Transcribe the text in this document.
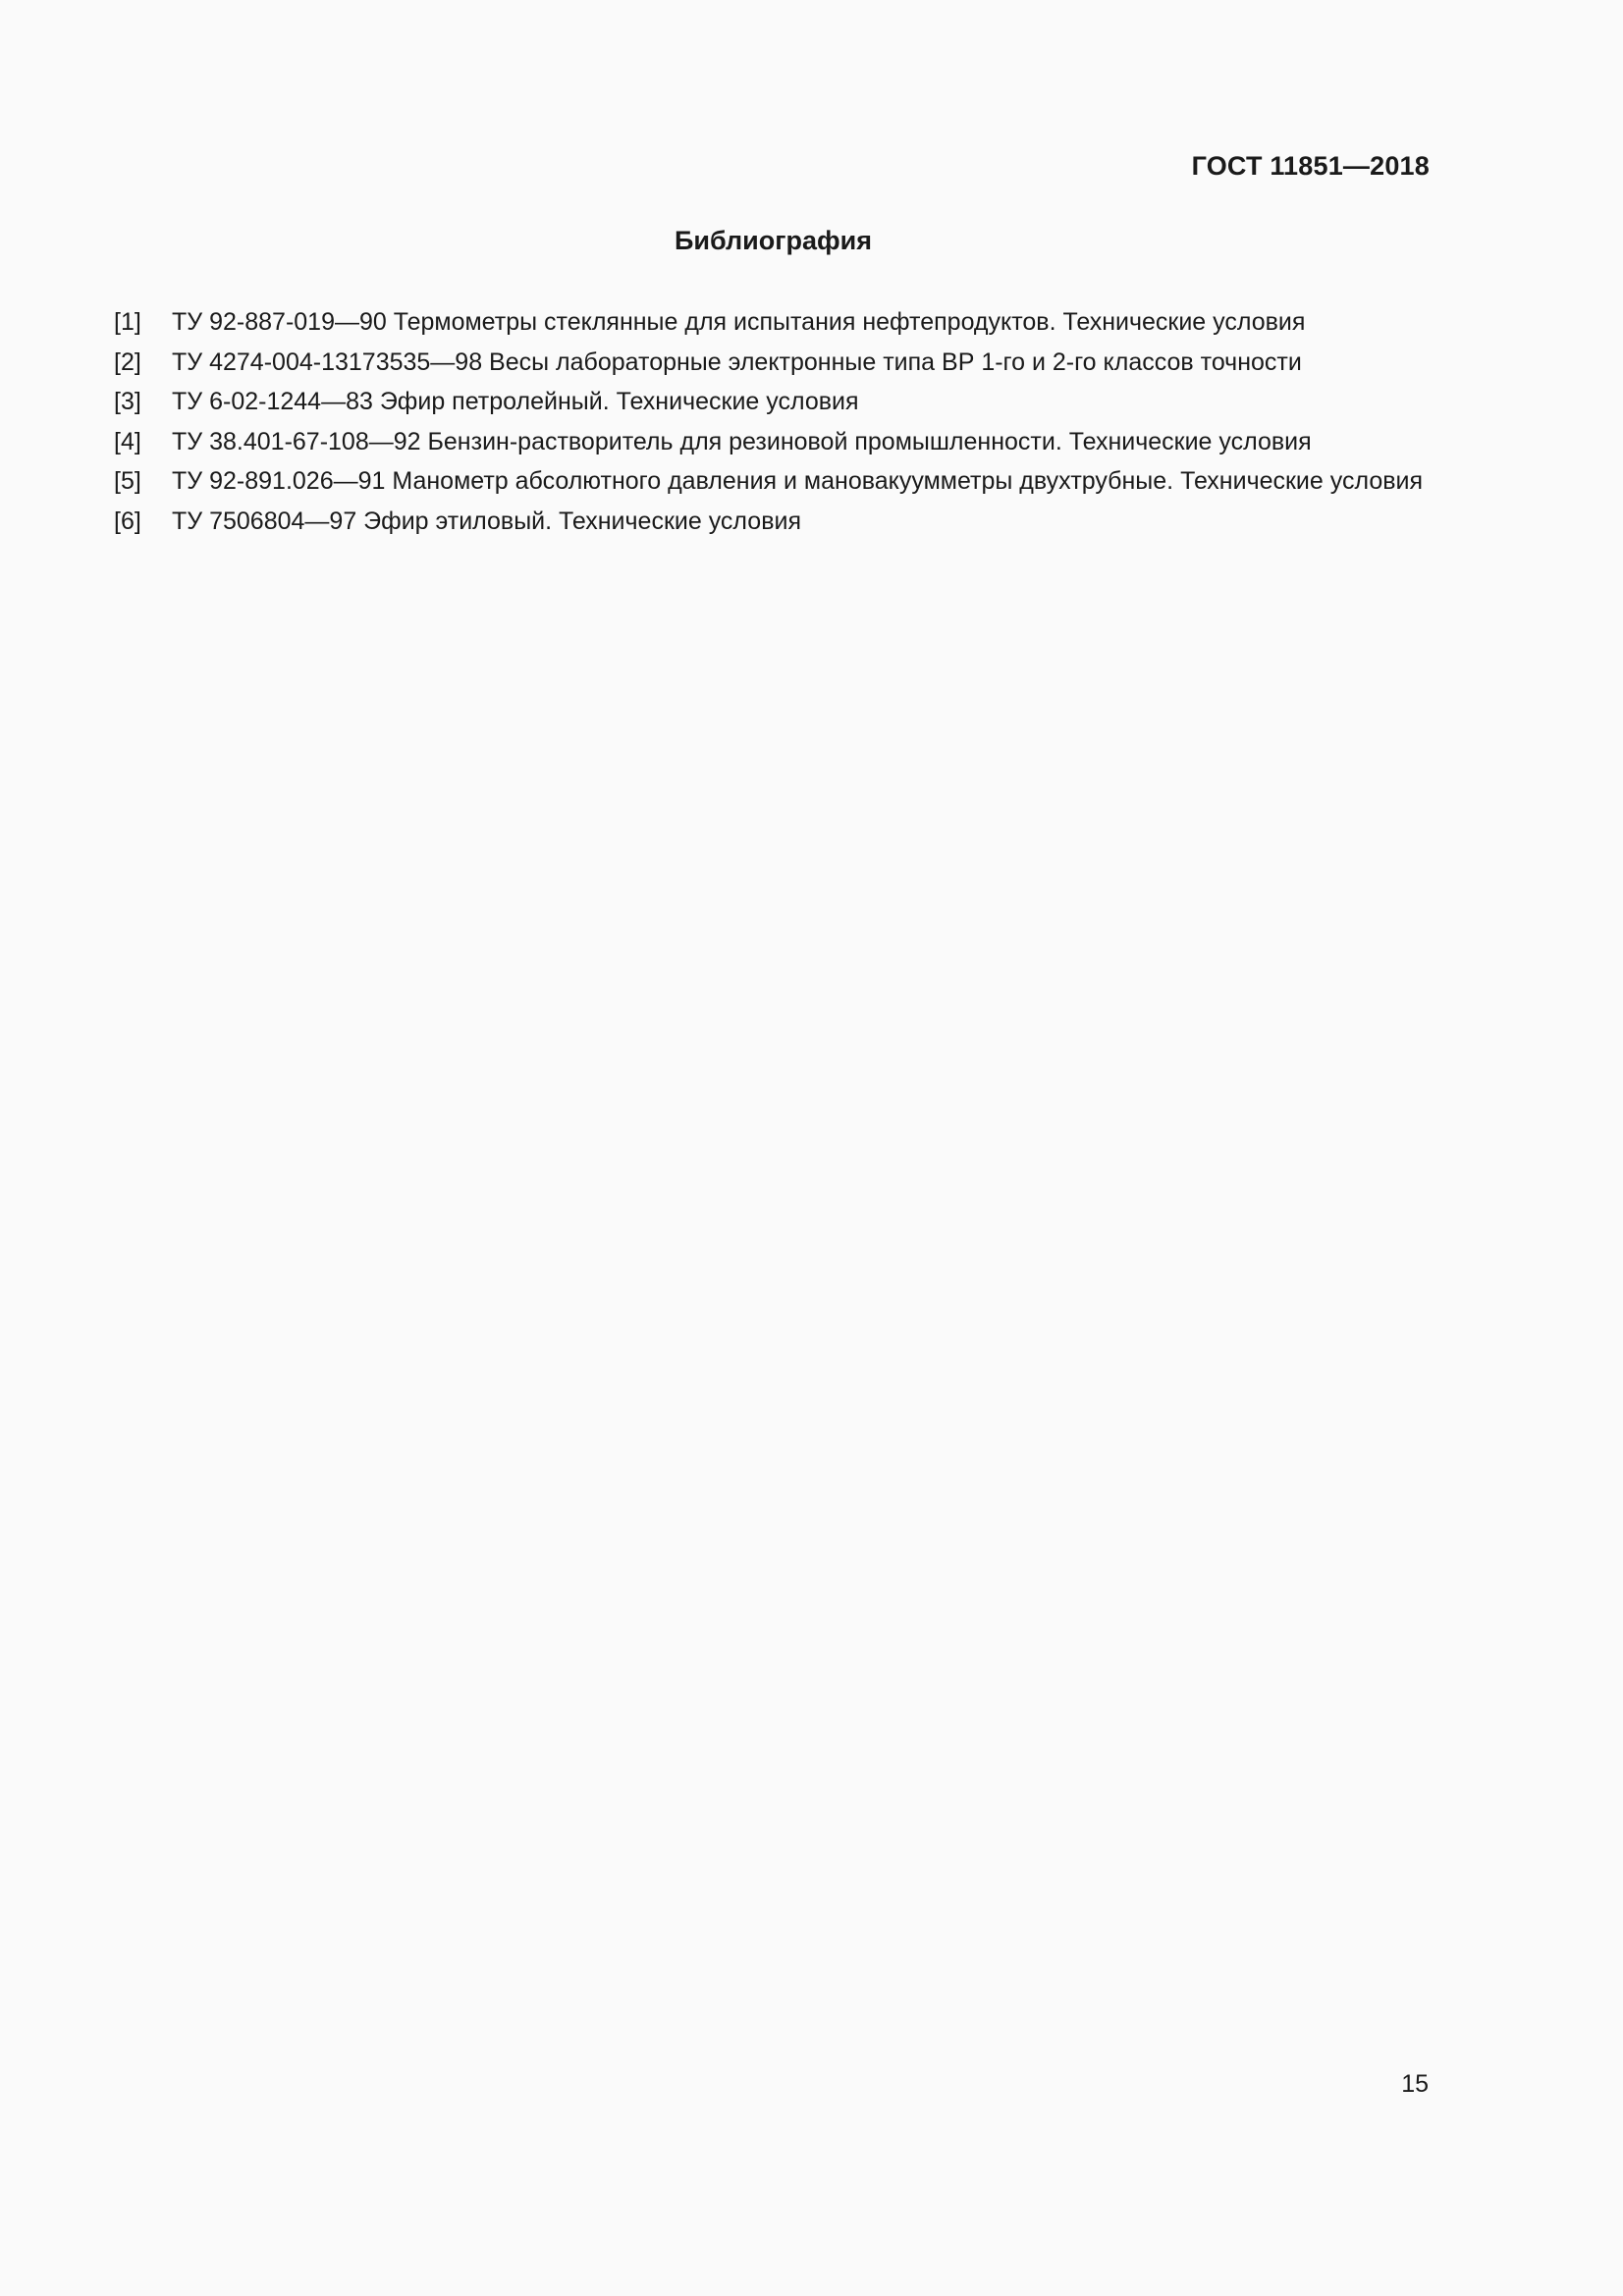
ГОСТ 11851—2018
Библиография
[1]	ТУ 92-887-019—90 Термометры стеклянные для испытания нефтепродуктов. Технические условия
[2]	ТУ 4274-004-13173535—98 Весы лабораторные электронные типа ВР 1-го и 2-го классов точности
[3]	ТУ 6-02-1244—83 Эфир петролейный. Технические условия
[4]	ТУ 38.401-67-108—92 Бензин-растворитель для резиновой промышленности. Технические условия
[5]	ТУ 92-891.026—91 Манометр абсолютного давления и мановакуумметры двухтрубные. Технические условия
[6]	ТУ 7506804—97 Эфир этиловый. Технические условия
15
